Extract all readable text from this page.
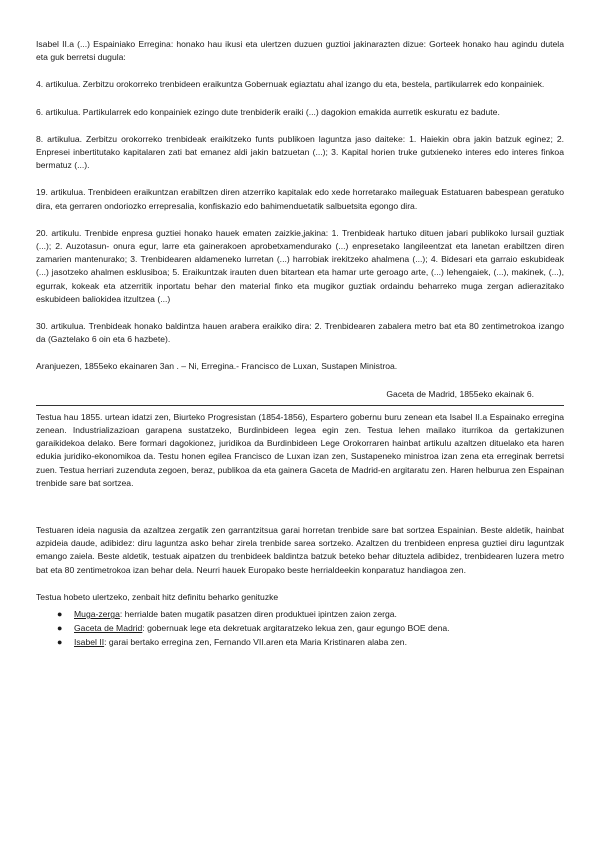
Isabel II.a (...) Espainiako Erregina: honako hau ikusi eta ulertzen duzuen guztioi jakinarazten dizue: Gorteek honako hau agindu dutela eta guk berretsi dugula:

4. artikulua. Zerbitzu orokorreko trenbideen eraikuntza Gobernuak egiaztatu ahal izango du eta, bestela, partikularrek edo konpainiek.

6. artikulua. Partikularrek edo konpainiek ezingo dute trenbiderik eraiki (...) dagokion emakida aurretik eskuratu ez badute.

8. artikulua. Zerbitzu orokorreko trenbideak eraikitzeko funts publikoen laguntza jaso daiteke: 1. Haiekin obra jakin batzuk eginez; 2. Enpresei inbertitutako kapitalaren zati bat emanez aldi jakin batzuetan (...); 3. Kapital horien truke gutxieneko interes edo interes finkoa bermatuz (...).

19. artikulua. Trenbideen eraikuntzan erabiltzen diren atzerriko kapitalak edo xede horretarako maileguak Estatuaren babespean geratuko dira, eta gerraren ondoriozko errepresalia, konfiskazio edo bahimenduetatik salbuetsita egongo dira.

20. artikulu. Trenbide enpresa guztiei honako hauek ematen zaizkie,jakina: 1. Trenbideak hartuko dituen jabari publikoko lursail guztiak (...); 2. Auzotasun- onura egur, larre eta gainerakoen aprobetxamendurako (...) enpresetako langileentzat eta lanetan erabiltzen diren zamarien mantenurako; 3. Trenbidearen aldameneko lurretan (...) harrobiak irekitzeko ahalmena (...); 4. Bidesari eta garraio eskubideak (...) jasotzeko ahalmen esklusiboa; 5. Eraikuntzak irauten duen bitartean eta hamar urte geroago arte, (...) lehengaiek, (...), makinek, (...), egurrak, kokeak eta atzerritik inportatu behar den material finko eta mugikor guztiak ordaindu beharreko muga zergan adierazitako eskubideen baliokidea itzultzea (...)

30. artikulua. Trenbideak honako baldintza hauen arabera eraikiko dira: 2. Trenbidearen zabalera metro bat eta 80 zentimetrokoa izango da (Gaztelako 6 oin eta 6 hazbete).

Aranjuezen, 1855eko ekainaren 3an . – Ni, Erregina.- Francisco de Luxan, Sustapen Ministroa.

Gaceta de Madrid, 1855eko ekainak 6.

Testua hau 1855. urtean idatzi zen, Biurteko Progresistan (1854-1856), Espartero gobernu buru zenean eta Isabel II.a Espainako erregina zenean. Industrializazioan garapena sustatzeko, Burdinbideen legea egin zen. Testua lehen mailako iturrikoa da gertakizunen garaikidekoa delako. Bere formari dagokionez, juridikoa da Burdinbideen Lege Orokorraren hainbat artikulu azaltzen dituelako eta haren edukia juridiko-ekonomikoa da. Testu honen egilea Francisco de Luxan izan zen, Sustapeneko ministroa izan zena eta erreginak berretsi zuen. Testua herriari zuzenduta zegoen, beraz, publikoa da eta gainera Gaceta de Madrid-en argitaratu zen. Haren helburua zen Espainan trenbide sare bat sortzea.

Testuaren ideia nagusia da azaltzea zergatik zen garrantzitsua garai horretan trenbide sare bat sortzea Espainian. Beste aldetik, hainbat azpideia daude, adibidez: diru laguntza asko behar zirela trenbide sarea sortzeko. Azaltzen du trenbideen enpresa guztiei diru laguntzak emango zaiela. Beste aldetik, testuak aipatzen du trenbideek baldintza batzuk beteko behar dituztela adibidez, trenbidearen luzera metro bat eta 80 zentimetrokoa izan behar dela. Neurri hauek Europako beste herrialdeekin konparatuz handiagoa zen.

Testua hobeto ulertzeko, zenbait hitz definitu beharko genituzke

● Muga-zerga: herrialde baten mugatik pasatzen diren produktuei ipintzen zaion zerga.
● Gaceta de Madrid: gobernuak lege eta dekretuak argitaratzeko lekua zen, gaur egungo BOE dena.
● Isabel II: garai bertako erregina zen, Fernando VII.aren eta Maria Kristinaren alaba zen.
